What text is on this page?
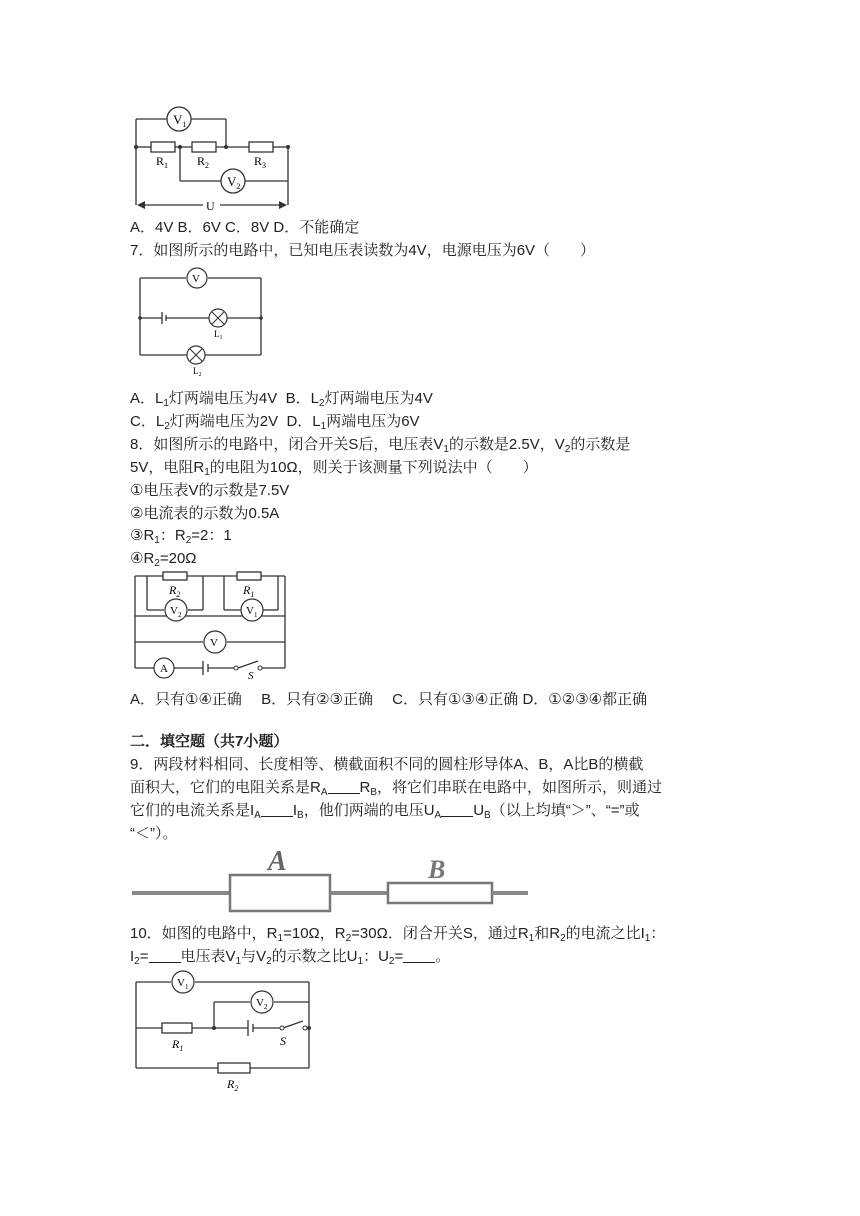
$V_1$
$V_2$
$R_1$ $R_2$	$R_3$
U
A．4V B．6V C．8V D．不能确定
7．如图所示的电路中，已知电压表读数为4V，电源电压为6V（　　）
V
$L_1$
$L_2$
A．$L_1$灯两端电压为4V B．$L_2$灯两端电压为4V
C．$L_2$灯两端电压为2V D．$L_1$两端电压为6V
8．如图所示的电路中，闭合开关S后，电压表$V_1$的示数是2.5V，$V_2$的示数是
5V，电阻$R_1$的电阻为10Ω，则关于该测量下列说法中（　　）
①电压表V的示数是7.5V
②电流表的示数为0.5A
$③R_1$：$R_2=2$：1
$④R_2=20\Omega$
$R_2$	$R_1$
$V_2$	$V_1$
V
A
S
A．只有①④正确　 B．只有②③正确　 C．只有①③④正确 D．①②③④都正确
二．填空题（共7小题）
9．两段材料相同、长度相等、横截面积不同的圆柱形导体A、B，A比B的横截
面积大，它们的电阻关系是$R_A$ $R_B$，将它们串联在电路中，如图所示，则通过
它们的电流关系是$I_A$ $I_B$，他们两端的电压$U_A$ $U_B$（以上均填“＞”、“=”或
“＜”）。
A	B
10．如图的电路中，$R_1=10\Omega$，$R_2=30\Omega$．闭合开关S，通过$R_1$和$R_2$的电流之比$I_1$：
$I_2=$ 电压表$V_1$与$V_2$的示数之比$U_1$：$U_2=$ 。
$V_1$
$V_2$
$R_1$
S
$R_2$
